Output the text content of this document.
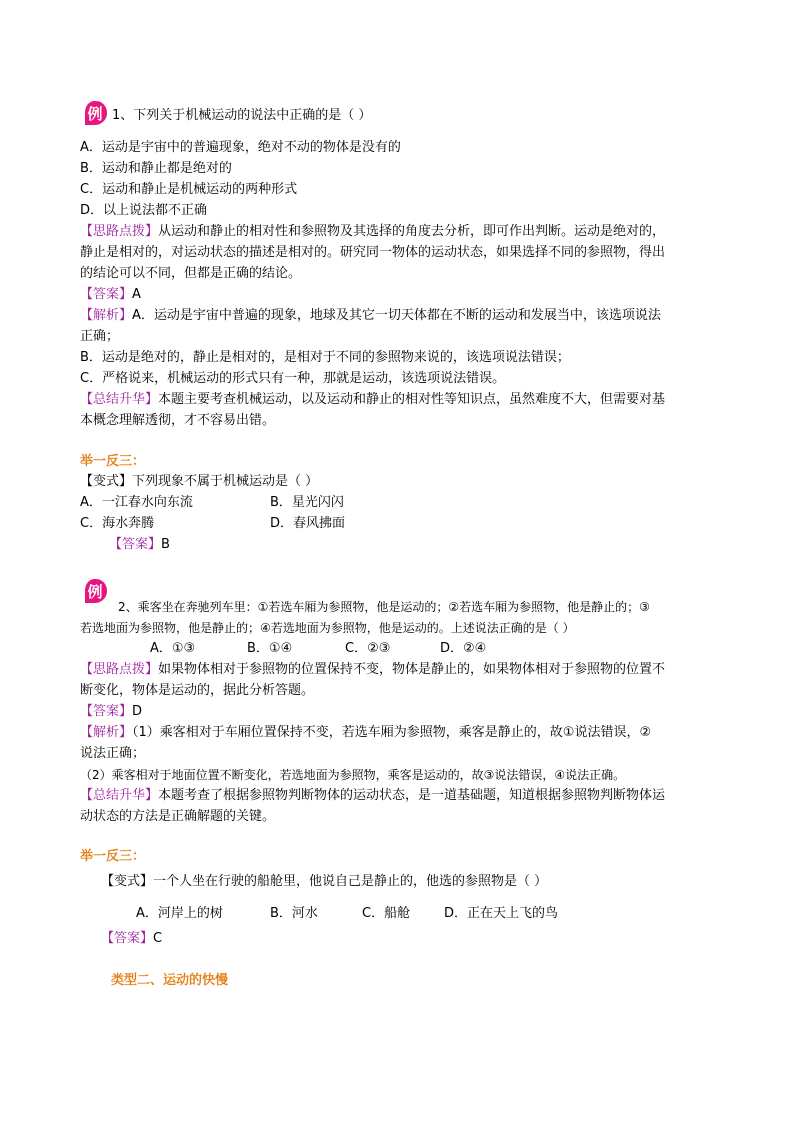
例 1、下列关于机械运动的说法中正确的是（ ）
A．运动是宇宙中的普遍现象，绝对不动的物体是没有的
B．运动和静止都是绝对的
C．运动和静止是机械运动的两种形式
D．以上说法都不正确
【思路点拨】从运动和静止的相对性和参照物及其选择的角度去分析，即可作出判断。运动是绝对的，
静止是相对的，对运动状态的描述是相对的。研究同一物体的运动状态，如果选择不同的参照物，得出
的结论可以不同，但都是正确的结论。
【答案】A
【解析】A．运动是宇宙中普遍的现象，地球及其它一切天体都在不断的运动和发展当中，该选项说法
正确；
B．运动是绝对的，静止是相对的，是相对于不同的参照物来说的，该选项说法错误；
C．严格说来，机械运动的形式只有一种，那就是运动，该选项说法错误。
【总结升华】本题主要考查机械运动，以及运动和静止的相对性等知识点，虽然难度不大，但需要对基
本概念理解透彻，才不容易出错。
举一反三：
【变式】下列现象不属于机械运动是（ ）
A．一江春水向东流	B．星光闪闪
C．海水奔腾	D．春风拂面
【答案】B
例
2、乘客坐在奔驰列车里：①若选车厢为参照物，他是运动的；②若选车厢为参照物，他是静止的；③
若选地面为参照物，他是静止的；④若选地面为参照物，他是运动的。上述说法正确的是（ ）
A．①③	B．①④	C．②③	D．②④
【思路点拨】如果物体相对于参照物的位置保持不变，物体是静止的，如果物体相对于参照物的位置不
断变化，物体是运动的，据此分析答题。
【答案】D
【解析】（1）乘客相对于车厢位置保持不变，若选车厢为参照物，乘客是静止的，故①说法错误，②
说法正确；
（2）乘客相对于地面位置不断变化，若选地面为参照物，乘客是运动的，故③说法错误，④说法正确。
【总结升华】本题考查了根据参照物判断物体的运动状态，是一道基础题，知道根据参照物判断物体运
动状态的方法是正确解题的关键。
举一反三：
【变式】一个人坐在行驶的船舱里，他说自己是静止的，他选的参照物是（ ）
A．河岸上的树	B．河水	C．船舱	D．正在天上飞的鸟
【答案】C
类型二、运动的快慢
